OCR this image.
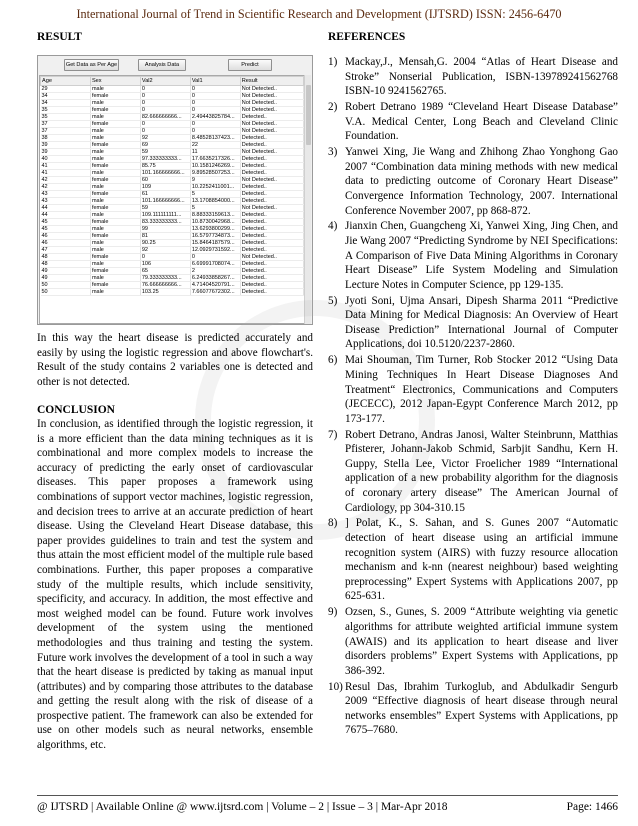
International Journal of Trend in Scientific Research and Development (IJTSRD) ISSN: 2456-6470
RESULT	REFERENCES
Get Data as Per Age	Analysis Data	Predict
Age	Sex	Val2	Val1	Result
29	male	0	0	Not Detected..
34	female	0	0	Not Detected..
34	male	0	0	Not Detected..
35	female	0	0	Not Detected..
35	male	82.666666666...	2.49443825784...	Detected..
37	female	0	0	Not Detected..
37	male	0	0	Not Detected..
38	male	92	8.48528137423...	Detected..
39	female	69	22	Detected..
39	male	59	11	Not Detected..
40	male	97.333333333...	17.6635217326...	Detected..
41	female	85.75	10.1581246269...	Detected..
41	male	101.166666666...	9.89528507253...	Detected..
42	female	60	9	Not Detected..
42	male	109	10.2252411001...	Detected..
43	female	61	5	Detected..
43	male	101.166666666...	13.1708854000...	Detected..
44	female	59	5	Not Detected..
44	male	109.111111111...	8.88333159613...	Detected..
45	female	83.333333333...	10.8730042968...	Detected..
45	male	99	13.6293800299...	Detected..
46	female	81	16.5797734873...	Detected..
46	male	90.25	15.8464187579...	Detected..
47	male	92	12.0929731592...	Detected..
48	female	0	0	Not Detected..
48	male	106	6.69991708074...	Detected..
49	female	65	2	Detected..
49	male	79.333333333...	6.24933858267...	Detected..
50	female	76.666666666...	4.71404520791...	Detected..
50	male	103.25	7.66077672302...	Detected..

In this way the heart disease is predicted accurately and easily by using the logistic regression and above flowchart's. Result of the study contains 2 variables one is detected and other is not detected.

CONCLUSION

In conclusion, as identified through the logistic regression, it is a more efficient than the data mining techniques as it is combinational and more complex models to increase the accuracy of predicting the early onset of cardiovascular diseases. This paper proposes a framework using combinations of support vector machines, logistic regression, and decision trees to arrive at an accurate prediction of heart disease. Using the Cleveland Heart Disease database, this paper provides guidelines to train and test the system and thus attain the most efficient model of the multiple rule based combinations. Further, this paper proposes a comparative study of the multiple results, which include sensitivity, specificity, and accuracy. In addition, the most effective and most weighed model can be found. Future work involves development of the system using the mentioned methodologies and thus training and testing the system. Future work involves the development of a tool in such a way that the heart disease is predicted by taking as manual input (attributes) and by comparing those attributes to the database and getting the result along with the risk of disease of a prospective patient. The framework can also be extended for use on other models such as neural networks, ensemble algorithms, etc.

1) Mackay,J., Mensah,G. 2004 “Atlas of Heart Disease and Stroke” Nonserial Publication, ISBN-139789241562768 ISBN-10 9241562765.
2) Robert Detrano 1989 “Cleveland Heart Disease Database” V.A. Medical Center, Long Beach and Cleveland Clinic Foundation.
3) Yanwei Xing, Jie Wang and Zhihong Zhao Yonghong Gao 2007 “Combination data mining methods with new medical data to predicting outcome of Coronary Heart Disease” Convergence Information Technology, 2007. International Conference November 2007, pp 868-872.
4) Jianxin Chen, Guangcheng Xi, Yanwei Xing, Jing Chen, and Jie Wang 2007 “Predicting Syndrome by NEI Specifications: A Comparison of Five Data Mining Algorithms in Coronary Heart Disease” Life System Modeling and Simulation Lecture Notes in Computer Science, pp 129-135.
5) Jyoti Soni, Ujma Ansari, Dipesh Sharma 2011 “Predictive Data Mining for Medical Diagnosis: An Overview of Heart Disease Prediction” International Journal of Computer Applications, doi 10.5120/2237-2860.
6) Mai Shouman, Tim Turner, Rob Stocker 2012 “Using Data Mining Techniques In Heart Disease Diagnoses And Treatment“ Electronics, Communications and Computers (JECECC), 2012 Japan-Egypt Conference March 2012, pp 173-177.
7) Robert Detrano, Andras Janosi, Walter Steinbrunn, Matthias Pfisterer, Johann-Jakob Schmid, Sarbjit Sandhu, Kern H. Guppy, Stella Lee, Victor Froelicher 1989 “International application of a new probability algorithm for the diagnosis of coronary artery disease” The American Journal of Cardiology, pp 304-310.15
8) ] Polat, K., S. Sahan, and S. Gunes 2007 “Automatic detection of heart disease using an artificial immune recognition system (AIRS) with fuzzy resource allocation mechanism and k-nn (nearest neighbour) based weighting preprocessing” Expert Systems with Applications 2007, pp 625-631.
9) Ozsen, S., Gunes, S. 2009 “Attribute weighting via genetic algorithms for attribute weighted artificial immune system (AWAIS) and its application to heart disease and liver disorders problems” Expert Systems with Applications, pp 386-392.
10) Resul Das, Ibrahim Turkoglub, and Abdulkadir Sengurb 2009 “Effective diagnosis of heart disease through neural networks ensembles” Expert Systems with Applications, pp 7675–7680.
@ IJTSRD | Available Online @ www.ijtsrd.com | Volume – 2 | Issue – 3 | Mar-Apr 2018	Page: 1466
